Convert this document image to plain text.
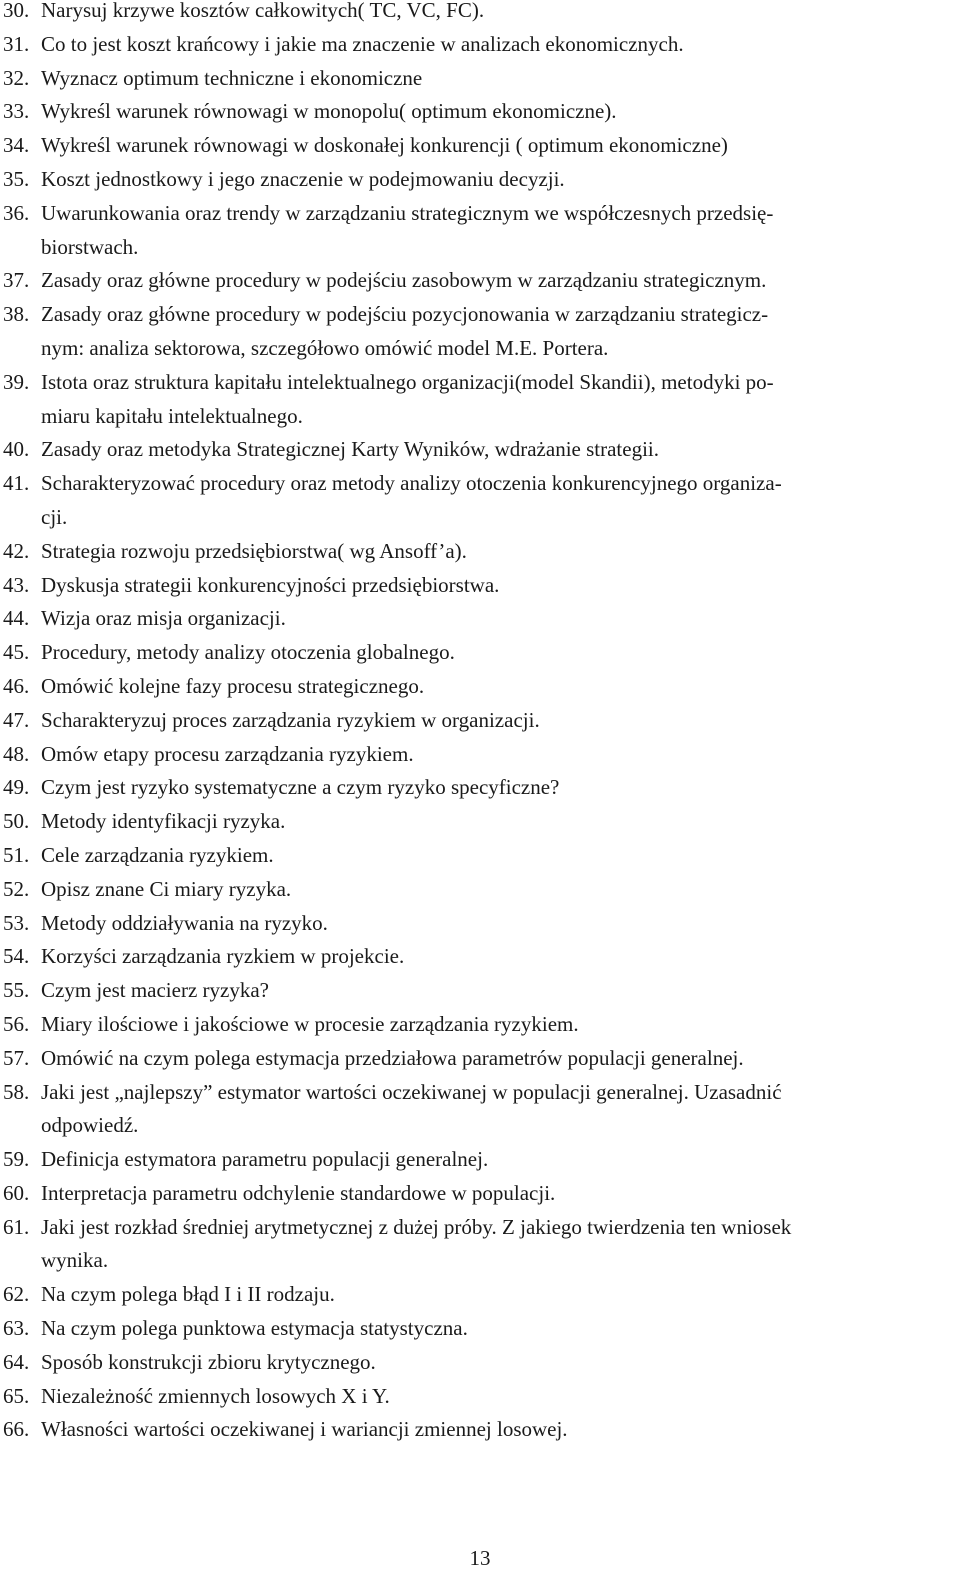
30. Narysuj krzywe kosztów całkowitych( TC, VC, FC).
31. Co to jest koszt krańcowy i jakie ma znaczenie w analizach ekonomicznych.
32. Wyznacz optimum techniczne i ekonomiczne
33. Wykreśl warunek równowagi w monopolu( optimum ekonomiczne).
34. Wykreśl warunek równowagi w doskonałej konkurencji ( optimum ekonomiczne)
35. Koszt jednostkowy i jego znaczenie w podejmowaniu decyzji.
36. Uwarunkowania oraz trendy w zarządzaniu strategicznym we współczesnych przedsię-
biorstwach.
37. Zasady oraz główne procedury w podejściu zasobowym w zarządzaniu strategicznym.
38. Zasady oraz główne procedury w podejściu pozycjonowania w zarządzaniu strategicz-
nym: analiza sektorowa, szczegółowo omówić model M.E. Portera.
39. Istota oraz struktura kapitału intelektualnego organizacji(model Skandii), metodyki po-
miaru kapitału intelektualnego.
40. Zasady oraz metodyka Strategicznej Karty Wyników, wdrażanie strategii.
41. Scharakteryzować procedury oraz metody analizy otoczenia konkurencyjnego organiza-
cji.
42. Strategia rozwoju przedsiębiorstwa( wg Ansoff’a).
43. Dyskusja strategii konkurencyjności przedsiębiorstwa.
44. Wizja oraz misja organizacji.
45. Procedury, metody analizy otoczenia globalnego.
46. Omówić kolejne fazy procesu strategicznego.
47. Scharakteryzuj proces zarządzania ryzykiem w organizacji.
48. Omów etapy procesu zarządzania ryzykiem.
49. Czym jest ryzyko systematyczne a czym ryzyko specyficzne?
50. Metody identyfikacji ryzyka.
51. Cele zarządzania ryzykiem.
52. Opisz znane Ci miary ryzyka.
53. Metody oddziaływania na ryzyko.
54. Korzyści zarządzania ryzkiem w projekcie.
55. Czym jest macierz ryzyka?
56. Miary ilościowe i jakościowe w procesie zarządzania ryzykiem.
57. Omówić na czym polega estymacja przedziałowa parametrów populacji generalnej.
58. Jaki jest „najlepszy” estymator wartości oczekiwanej w populacji generalnej. Uzasadnić
odpowiedź.
59. Definicja estymatora parametru populacji generalnej.
60. Interpretacja parametru odchylenie standardowe w populacji.
61. Jaki jest rozkład średniej arytmetycznej z dużej próby. Z jakiego twierdzenia ten wniosek
wynika.
62. Na czym polega błąd I i II rodzaju.
63. Na czym polega punktowa estymacja statystyczna.
64. Sposób konstrukcji zbioru krytycznego.
65. Niezależność zmiennych losowych X i Y.
66. Własności wartości oczekiwanej i wariancji zmiennej losowej.
13
